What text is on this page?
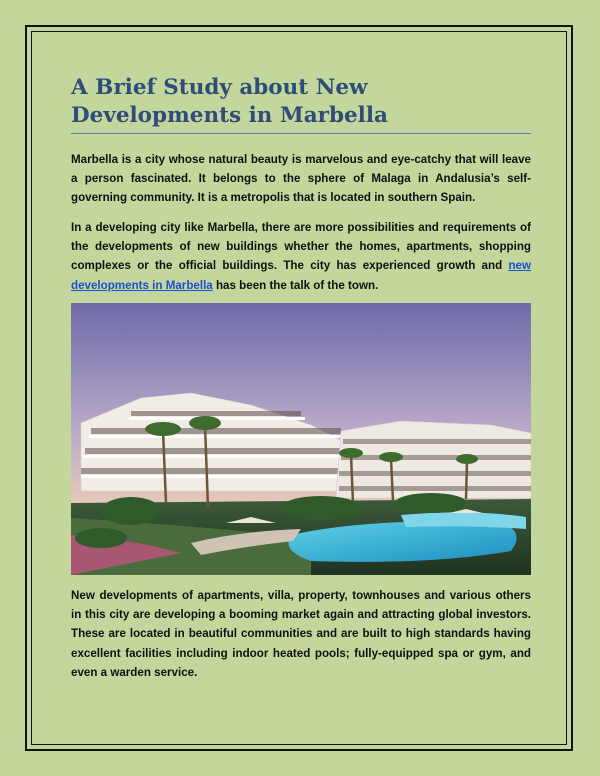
A Brief Study about New Developments in Marbella

Marbella is a city whose natural beauty is marvelous and eye-catchy that will leave a person fascinated. It belongs to the sphere of Malaga in Andalusia’s self-governing community. It is a metropolis that is located in southern Spain.

In a developing city like Marbella, there are more possibilities and requirements of the developments of new buildings whether the homes, apartments, shopping complexes or the official buildings. The city has experienced growth and new developments in Marbella has been the talk of the town.

New developments of apartments, villa, property, townhouses and various others in this city are developing a booming market again and attracting global investors. These are located in beautiful communities and are built to high standards having excellent facilities including indoor heated pools; fully-equipped spa or gym, and even a warden service.
